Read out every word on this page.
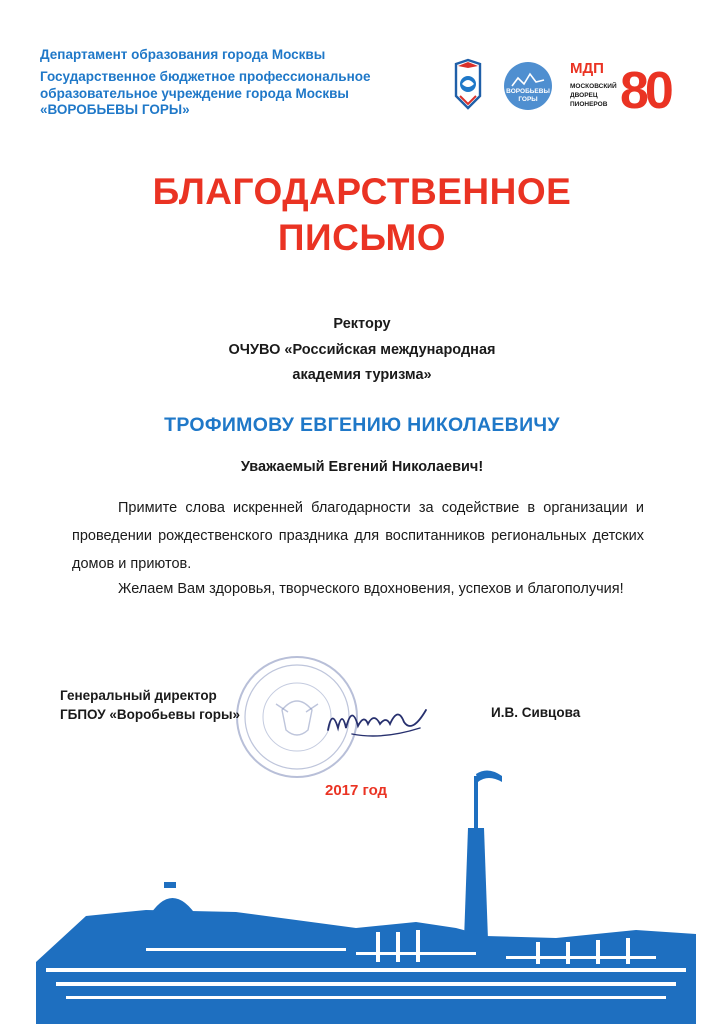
Департамент образования города Москвы
Государственное бюджетное профессиональное
образовательное учреждение города Москвы
«ВОРОБЬЕВЫ ГОРЫ»
ВОРОБЬЕВЫ
ГОРЫ
МДП
МОСКОВСКИЙ
ДВОРЕЦ
ПИОНЕРОВ 80
БЛАГОДАРСТВЕННОЕ
ПИСЬМО
Ректору
ОЧУВО «Российская международная
академия туризма»
ТРОФИМОВУ ЕВГЕНИЮ НИКОЛАЕВИЧУ
Уважаемый Евгений Николаевич!

Примите слова искренней благодарности за содействие в организации и проведении рождественского праздника для воспитанников региональных детских домов и приютов.

Желаем Вам здоровья, творческого вдохновения, успехов и благополучия!

Генеральный директор
ГБПОУ «Воробьевы горы»	И.В. Сивцова
2017 год
